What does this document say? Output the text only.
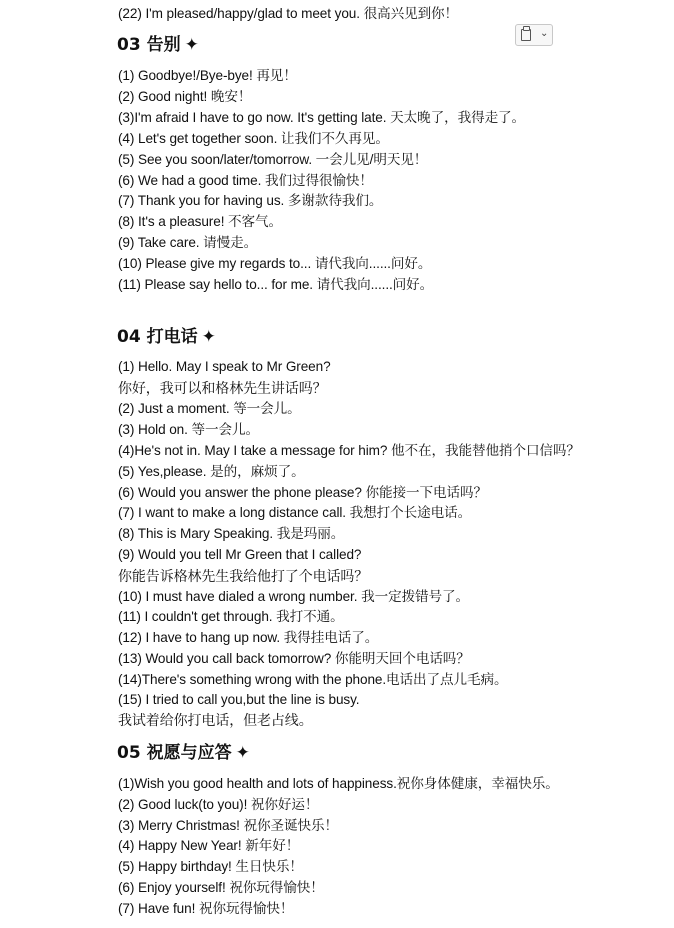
(22) I'm pleased/happy/glad to meet you. 很高兴见到你！
⌄
03 告别 ✦
(1) Goodbye!/Bye-bye! 再见！
(2) Good night! 晚安！
(3)I'm afraid I have to go now. It's getting late. 天太晚了，我得走了。
(4) Let's get together soon. 让我们不久再见。
(5) See you soon/later/tomorrow. 一会儿见/明天见！
(6) We had a good time. 我们过得很愉快！
(7) Thank you for having us. 多谢款待我们。
(8) It's a pleasure! 不客气。
(9) Take care. 请慢走。
(10) Please give my regards to... 请代我向......问好。
(11) Please say hello to... for me. 请代我向......问好。
04 打电话 ✦
(1) Hello. May I speak to Mr Green?
你好，我可以和格林先生讲话吗？
(2) Just a moment. 等一会儿。
(3) Hold on. 等一会儿。
(4)He's not in. May I take a message for him? 他不在，我能替他捎个口信吗？
(5) Yes,please. 是的，麻烦了。
(6) Would you answer the phone please? 你能接一下电话吗？
(7) I want to make a long distance call. 我想打个长途电话。
(8) This is Mary Speaking. 我是玛丽。
(9) Would you tell Mr Green that I called?
你能告诉格林先生我给他打了个电话吗？
(10) I must have dialed a wrong number. 我一定拨错号了。
(11) I couldn't get through. 我打不通。
(12) I have to hang up now. 我得挂电话了。
(13) Would you call back tomorrow? 你能明天回个电话吗？
(14)There's something wrong with the phone.电话出了点儿毛病。
(15) I tried to call you,but the line is busy.
我试着给你打电话，但老占线。
05 祝愿与应答 ✦
(1)Wish you good health and lots of happiness.祝你身体健康，幸福快乐。
(2) Good luck(to you)! 祝你好运！
(3) Merry Christmas! 祝你圣诞快乐！
(4) Happy New Year! 新年好！
(5) Happy birthday! 生日快乐！
(6) Enjoy yourself! 祝你玩得愉快！
(7) Have fun! 祝你玩得愉快！
